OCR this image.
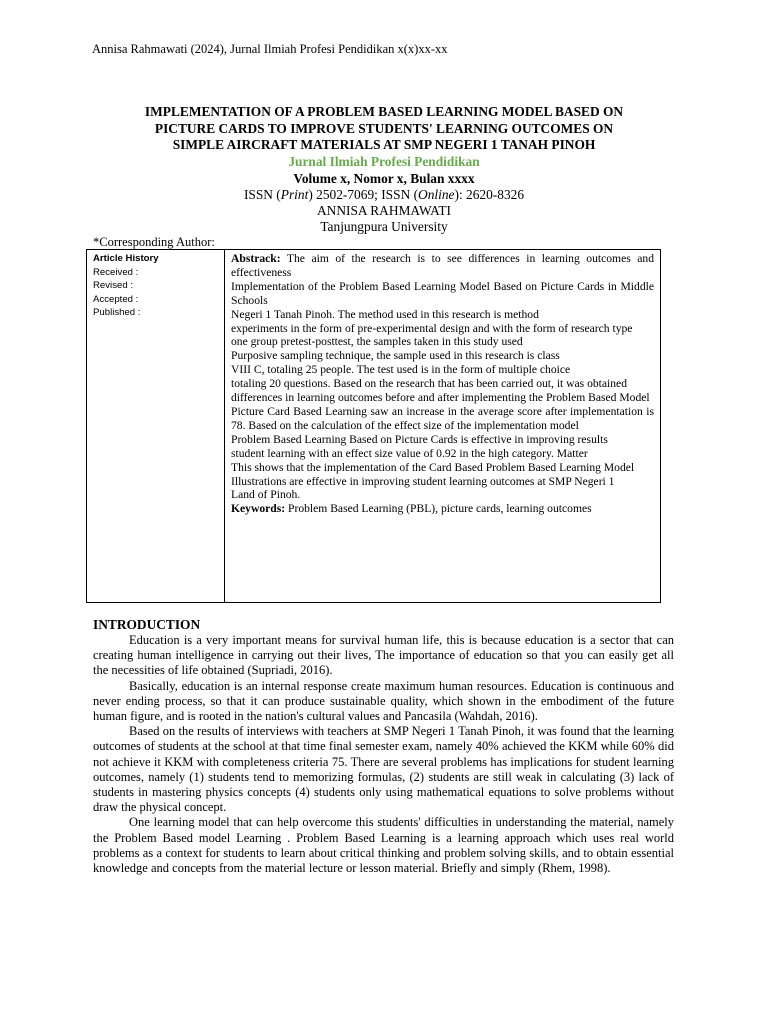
Annisa Rahmawati (2024), Jurnal Ilmiah Profesi Pendidikan x(x)xx-xx
IMPLEMENTATION OF A PROBLEM BASED LEARNING MODEL BASED ON
PICTURE CARDS TO IMPROVE STUDENTS' LEARNING OUTCOMES ON
SIMPLE AIRCRAFT MATERIALS AT SMP NEGERI 1 TANAH PINOH
Jurnal Ilmiah Profesi Pendidikan
Volume x, Nomor x, Bulan xxxx
ISSN (Print) 2502-7069; ISSN (Online): 2620-8326
ANNISA RAHMAWATI
Tanjungpura University
*Corresponding Author:
Article History
Received :
Revised :
Accepted :
Published :

Abstrack: The aim of the research is to see differences in learning outcomes and effectiveness

Implementation of the Problem Based Learning Model Based on Picture Cards in Middle Schools

Negeri 1 Tanah Pinoh. The method used in this research is method

experiments in the form of pre-experimental design and with the form of research type

one group pretest-posttest, the samples taken in this study used

Purposive sampling technique, the sample used in this research is class

VIII C, totaling 25 people. The test used is in the form of multiple choice

totaling 20 questions. Based on the research that has been carried out, it was obtained

differences in learning outcomes before and after implementing the Problem Based Model

Picture Card Based Learning saw an increase in the average score after implementation is 78. Based on the calculation of the effect size of the implementation model

Problem Based Learning Based on Picture Cards is effective in improving results

student learning with an effect size value of 0.92 in the high category. Matter

This shows that the implementation of the Card Based Problem Based Learning Model

Illustrations are effective in improving student learning outcomes at SMP Negeri 1

Land of Pinoh.

Keywords: Problem Based Learning (PBL), picture cards, learning outcomes

INTRODUCTION

Education is a very important means for survival human life, this is because education is a sector that can creating human intelligence in carrying out their lives, The importance of education so that you can easily get all the necessities of life obtained (Supriadi, 2016).

Basically, education is an internal response create maximum human resources. Education is continuous and never ending process, so that it can produce sustainable quality, which shown in the embodiment of the future human figure, and is rooted in the nation's cultural values and Pancasila (Wahdah, 2016).

Based on the results of interviews with teachers at SMP Negeri 1 Tanah Pinoh, it was found that the learning outcomes of students at the school at that time final semester exam, namely 40% achieved the KKM while 60% did not achieve it KKM with completeness criteria 75. There are several problems has implications for student learning outcomes, namely (1) students tend to memorizing formulas, (2) students are still weak in calculating (3) lack of students in mastering physics concepts (4) students only using mathematical equations to solve problems without draw the physical concept.

One learning model that can help overcome this students' difficulties in understanding the material, namely the Problem Based model Learning . Problem Based Learning is a learning approach which uses real world problems as a context for students to learn about critical thinking and problem solving skills, and to obtain essential knowledge and concepts from the material lecture or lesson material. Briefly and simply (Rhem, 1998).
